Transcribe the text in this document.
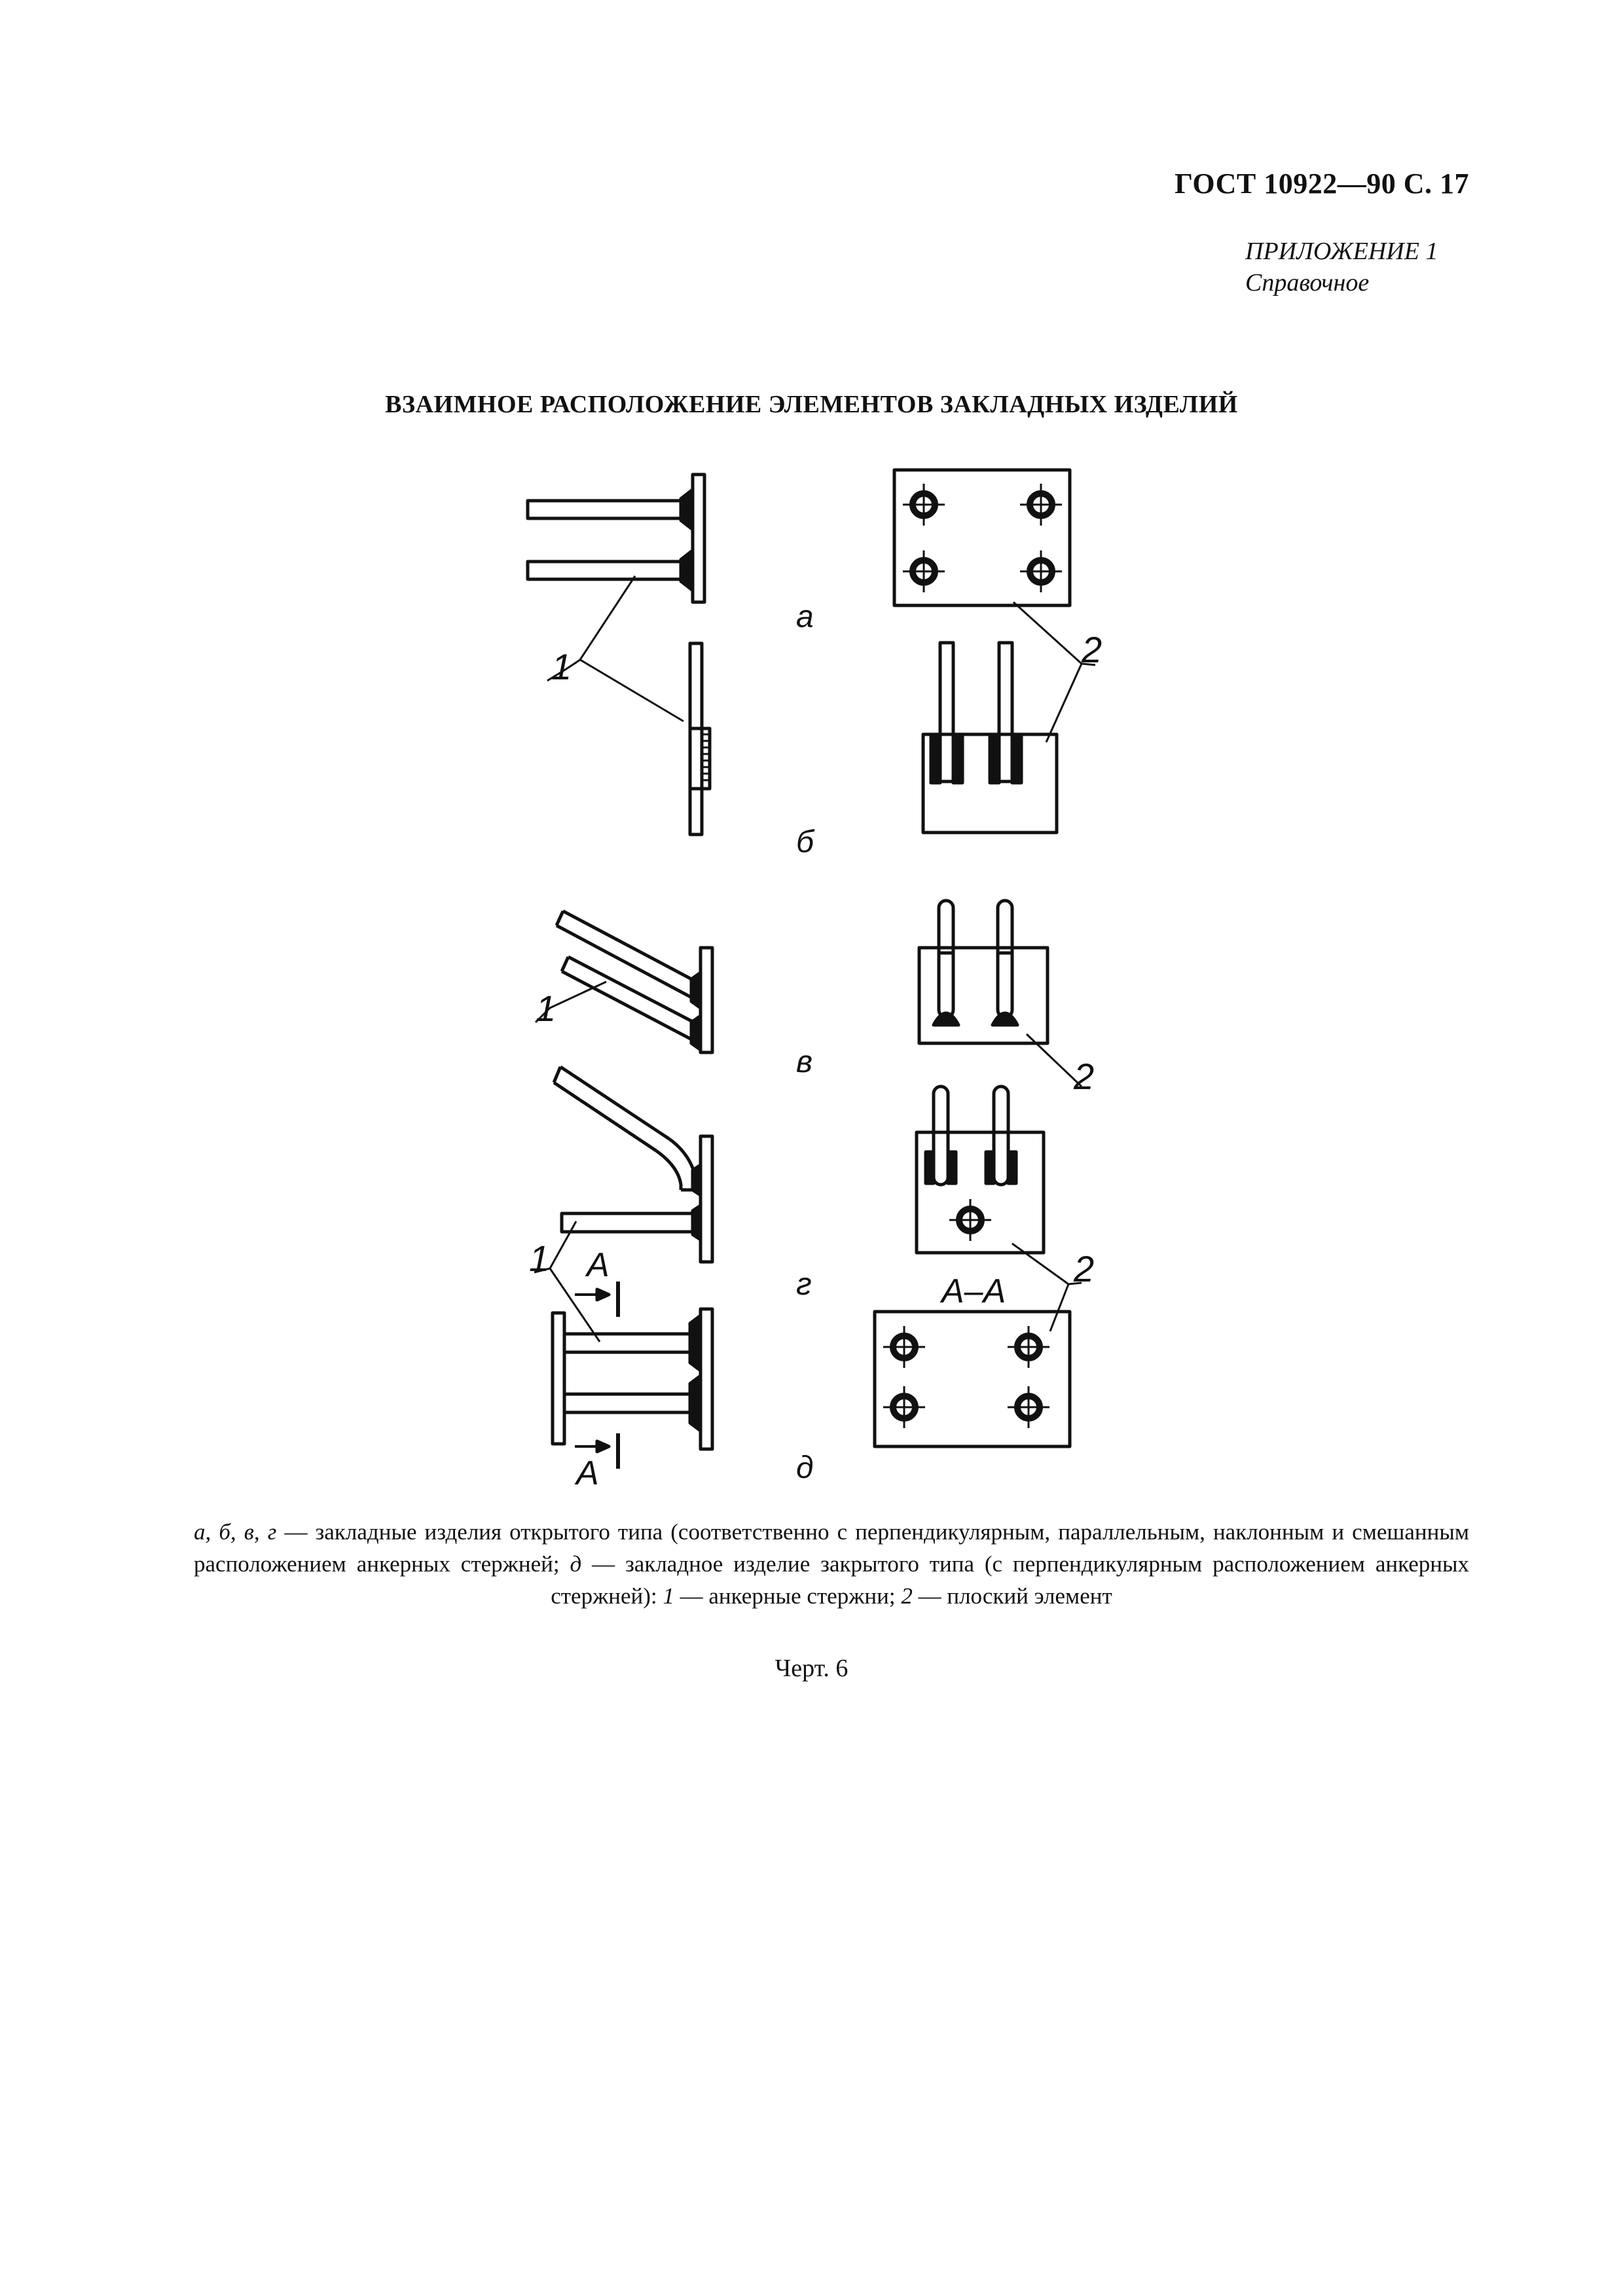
ГОСТ 10922—90 С. 17
ПРИЛОЖЕНИЕ 1
Справочное
ВЗАИМНОЕ РАСПОЛОЖЕНИЕ ЭЛЕМЕНТОВ ЗАКЛАДНЫХ ИЗДЕЛИЙ
а
б
в
г
д
1	2
1
2
1	2
А
А
А–А
а, б, в, г — закладные изделия открытого типа (соответственно с перпендикулярным, параллельным, наклонным и смешанным расположением анкерных стержней; д — закладное изделие закрытого типа (с перпендикулярным расположением анкерных стержней): 1 — анкерные стержни; 2 — плоский элемент
Черт. 6
